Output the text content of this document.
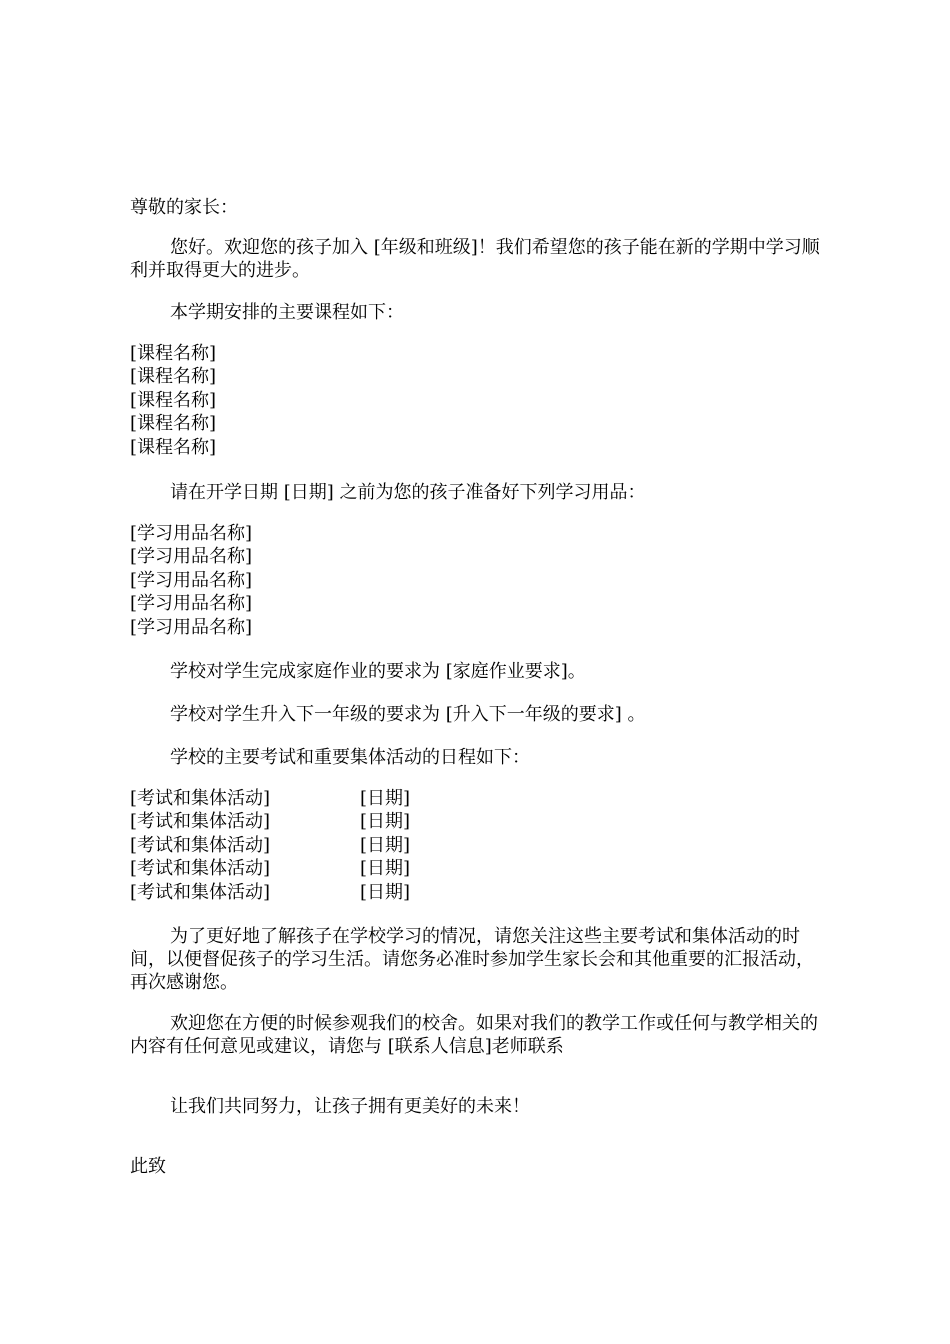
尊敬的家长：
您好。欢迎您的孩子加入 [年级和班级]！我们希望您的孩子能在新的学期中学习顺利并取得更大的进步。
本学期安排的主要课程如下：
[课程名称]
[课程名称]
[课程名称]
[课程名称]
[课程名称]
请在开学日期 [日期] 之前为您的孩子准备好下列学习用品：
[学习用品名称]
[学习用品名称]
[学习用品名称]
[学习用品名称]
[学习用品名称]
学校对学生完成家庭作业的要求为 [家庭作业要求]。
学校对学生升入下一年级的要求为 [升入下一年级的要求] 。
学校的主要考试和重要集体活动的日程如下：
[考试和集体活动]	[日期]
[考试和集体活动]	[日期]
[考试和集体活动]	[日期]
[考试和集体活动]	[日期]
[考试和集体活动]	[日期]
为了更好地了解孩子在学校学习的情况，请您关注这些主要考试和集体活动的时间，以便督促孩子的学习生活。请您务必准时参加学生家长会和其他重要的汇报活动，再次感谢您。
欢迎您在方便的时候参观我们的校舍。如果对我们的教学工作或任何与教学相关的内容有任何意见或建议，请您与 [联系人信息]老师联系
让我们共同努力，让孩子拥有更美好的未来！
此致
